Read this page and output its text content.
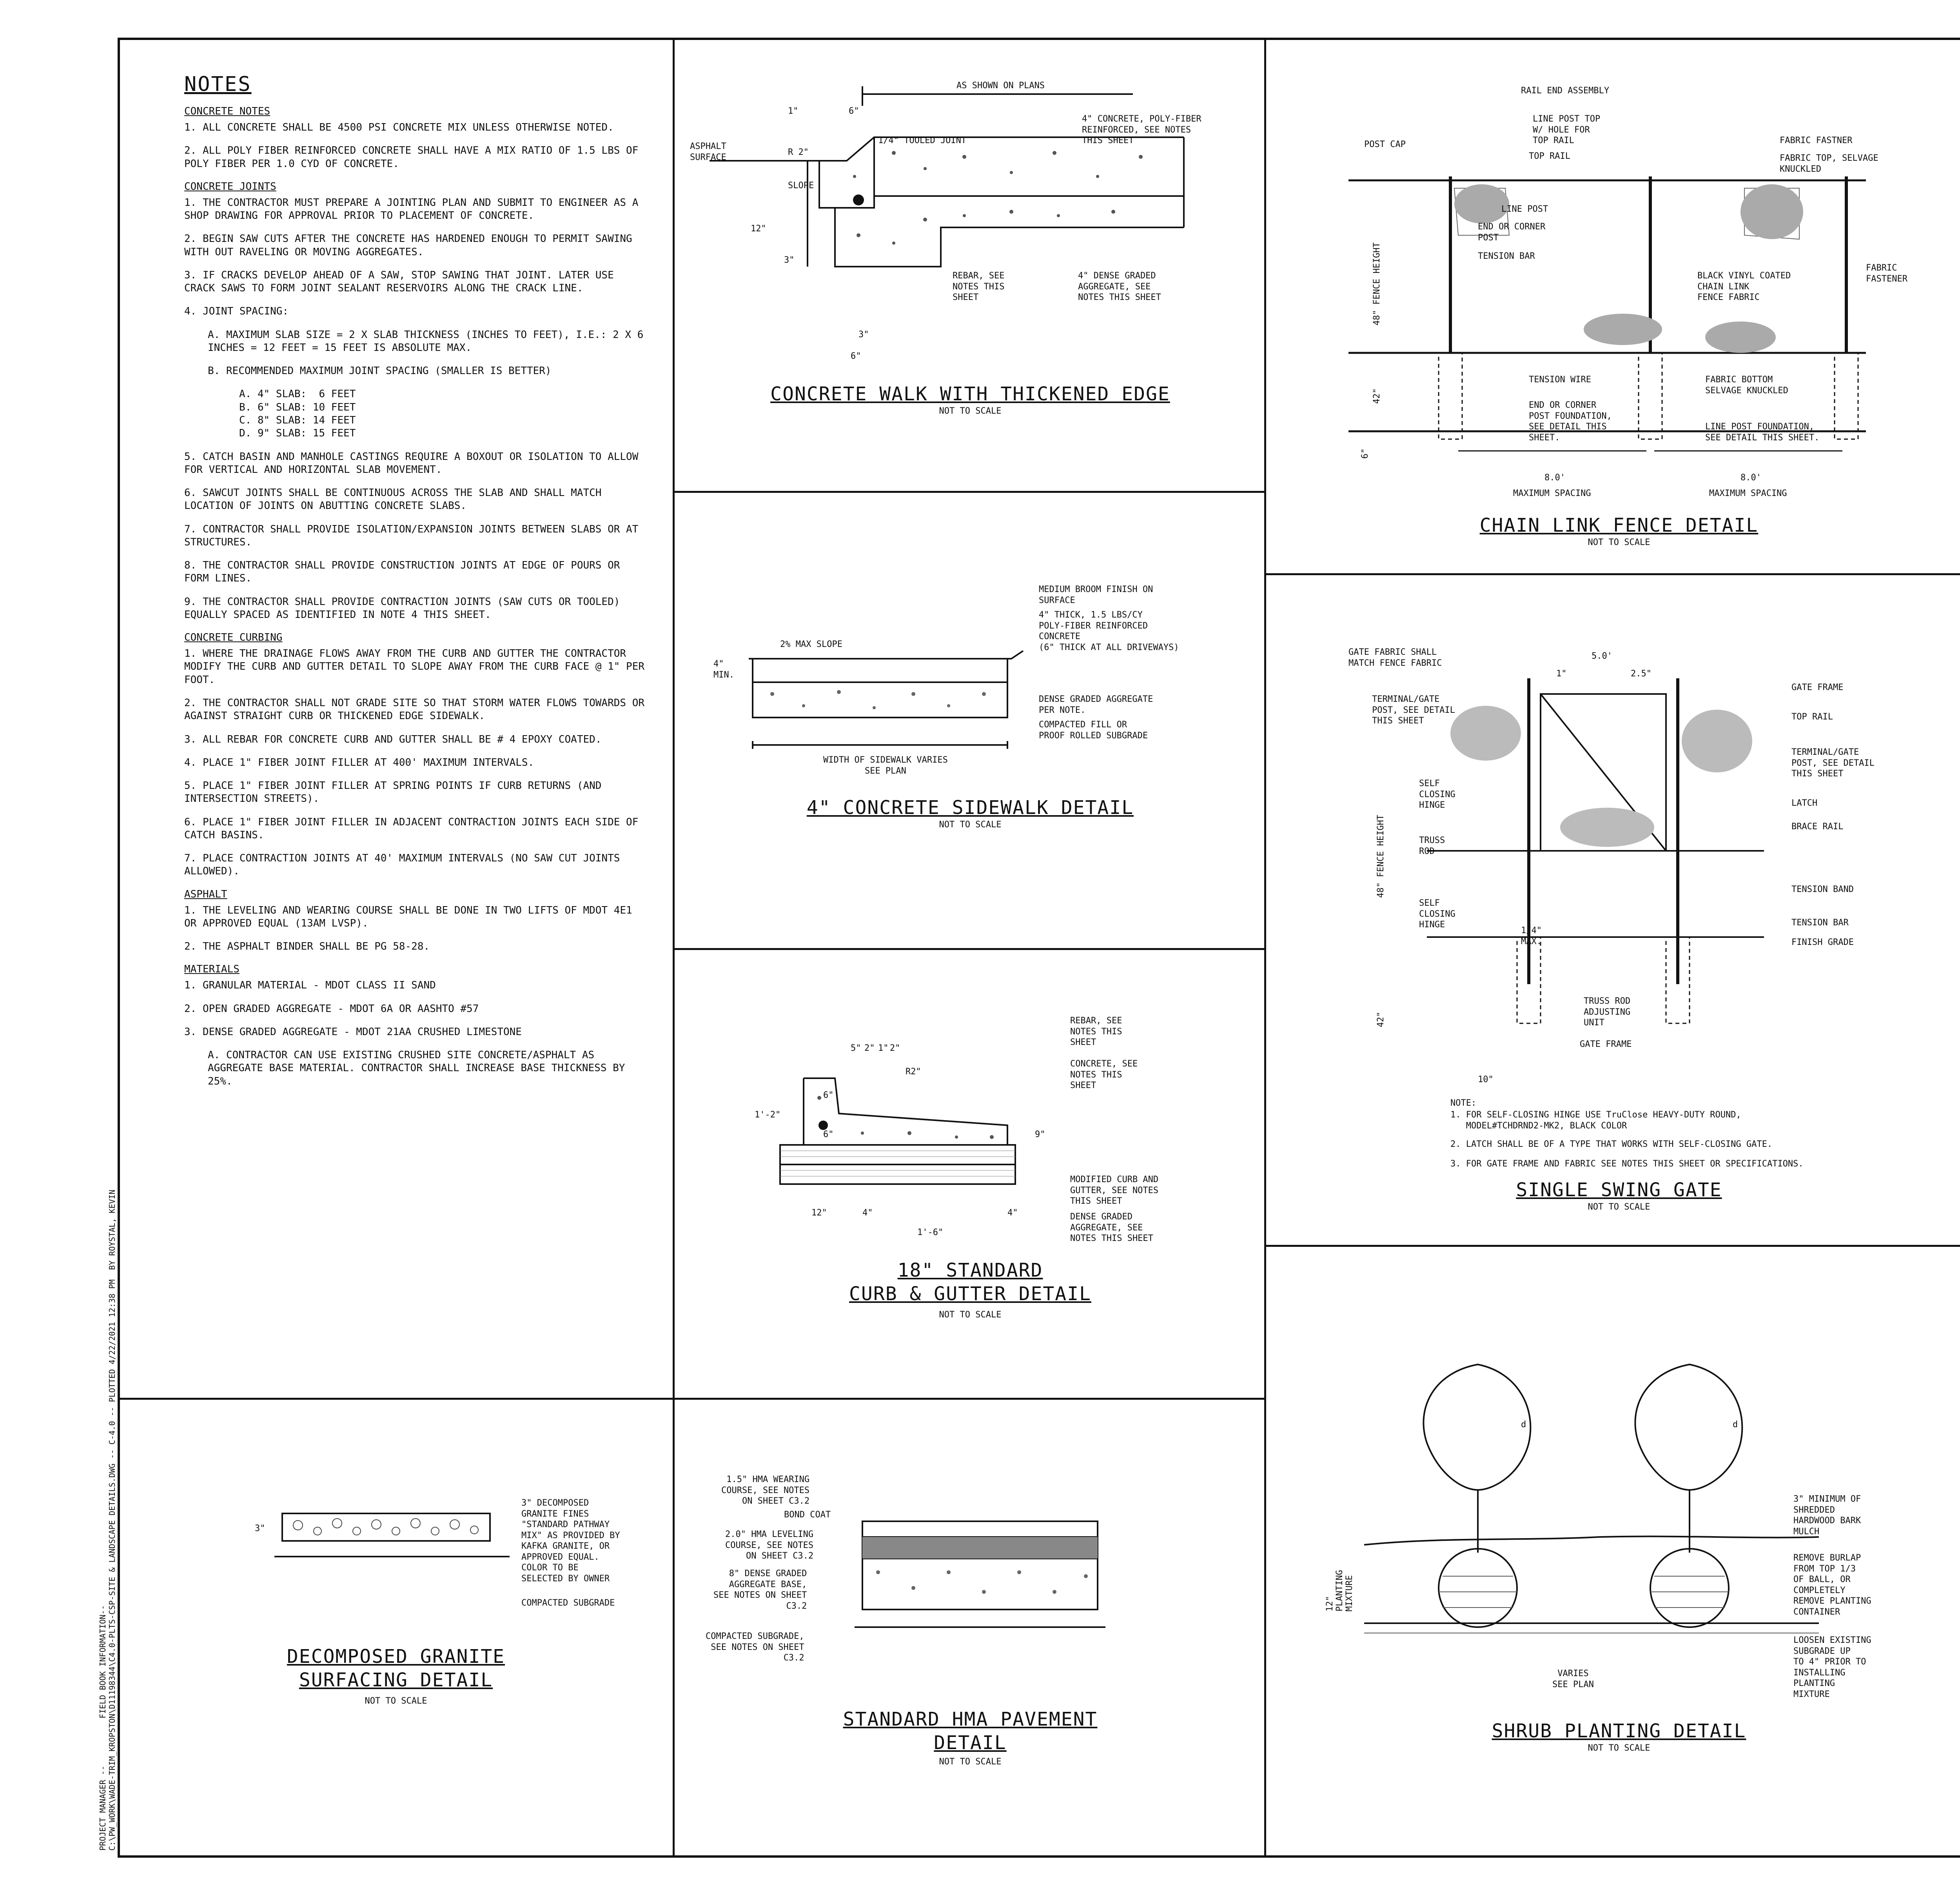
PROJECT MANAGER --          FIELD BOOK INFORMATION--
C:\PW_WORK\WADE-TRIM_KROPSTON\D11198344\C4.0-PLTS-CSP-SITE & LANDSCAPE DETAILS.DWG -- C-4.0 -- PLOTTED 4/22/2021 12:38 PM  BY ROYSTAL, KEVIN
NOTES
CONCRETE NOTES
1. ALL CONCRETE SHALL BE 4500 PSI CONCRETE MIX UNLESS OTHERWISE NOTED.
2. ALL POLY FIBER REINFORCED CONCRETE SHALL HAVE A MIX RATIO OF 1.5 LBS OF POLY FIBER PER 1.0 CYD OF CONCRETE.
CONCRETE JOINTS
1. THE CONTRACTOR MUST PREPARE A JOINTING PLAN AND SUBMIT TO ENGINEER AS A SHOP DRAWING FOR APPROVAL PRIOR TO PLACEMENT OF CONCRETE.
2. BEGIN SAW CUTS AFTER THE CONCRETE HAS HARDENED ENOUGH TO PERMIT SAWING WITH OUT RAVELING OR MOVING AGGREGATES.
3. IF CRACKS DEVELOP AHEAD OF A SAW, STOP SAWING THAT JOINT. LATER USE CRACK SAWS TO FORM JOINT SEALANT RESERVOIRS ALONG THE CRACK LINE.
4. JOINT SPACING:
A. MAXIMUM SLAB SIZE = 2 X SLAB THICKNESS (INCHES TO FEET), I.E.: 2 X 6 INCHES = 12 FEET = 15 FEET IS ABSOLUTE MAX.
B. RECOMMENDED MAXIMUM JOINT SPACING (SMALLER IS BETTER)
A. 4" SLAB:  6 FEET
B. 6" SLAB: 10 FEET
C. 8" SLAB: 14 FEET
D. 9" SLAB: 15 FEET
5. CATCH BASIN AND MANHOLE CASTINGS REQUIRE A BOXOUT OR ISOLATION TO ALLOW FOR VERTICAL AND HORIZONTAL SLAB MOVEMENT.
6. SAWCUT JOINTS SHALL BE CONTINUOUS ACROSS THE SLAB AND SHALL MATCH LOCATION OF JOINTS ON ABUTTING CONCRETE SLABS.
7. CONTRACTOR SHALL PROVIDE ISOLATION/EXPANSION JOINTS BETWEEN SLABS OR AT STRUCTURES.
8. THE CONTRACTOR SHALL PROVIDE CONSTRUCTION JOINTS AT EDGE OF POURS OR FORM LINES.
9. THE CONTRACTOR SHALL PROVIDE CONTRACTION JOINTS (SAW CUTS OR TOOLED) EQUALLY SPACED AS IDENTIFIED IN NOTE 4 THIS SHEET.
CONCRETE CURBING
1. WHERE THE DRAINAGE FLOWS AWAY FROM THE CURB AND GUTTER THE CONTRACTOR MODIFY THE CURB AND GUTTER DETAIL TO SLOPE AWAY FROM THE CURB FACE @ 1" PER FOOT.
2. THE CONTRACTOR SHALL NOT GRADE SITE SO THAT STORM WATER FLOWS TOWARDS OR AGAINST STRAIGHT CURB OR THICKENED EDGE SIDEWALK.
3. ALL REBAR FOR CONCRETE CURB AND GUTTER SHALL BE # 4 EPOXY COATED.
4. PLACE 1" FIBER JOINT FILLER AT 400' MAXIMUM INTERVALS.
5. PLACE 1" FIBER JOINT FILLER AT SPRING POINTS IF CURB RETURNS (AND INTERSECTION STREETS).
6. PLACE 1" FIBER JOINT FILLER IN ADJACENT CONTRACTION JOINTS EACH SIDE OF CATCH BASINS.
7. PLACE CONTRACTION JOINTS AT 40' MAXIMUM INTERVALS (NO SAW CUT JOINTS ALLOWED).
ASPHALT
1. THE LEVELING AND WEARING COURSE SHALL BE DONE IN TWO LIFTS OF MDOT 4E1 OR APPROVED EQUAL (13AM LVSP).
2. THE ASPHALT BINDER SHALL BE PG 58-28.
MATERIALS
1. GRANULAR MATERIAL - MDOT CLASS II SAND
2. OPEN GRADED AGGREGATE - MDOT 6A OR AASHTO #57
3. DENSE GRADED AGGREGATE - MDOT 21AA CRUSHED LIMESTONE
A. CONTRACTOR CAN USE EXISTING CRUSHED SITE CONCRETE/ASPHALT AS AGGREGATE BASE MATERIAL. CONTRACTOR SHALL INCREASE BASE THICKNESS BY 25%.
AS SHOWN ON PLANS
ASPHALT
SURFACE
1"	6"
R 2"
1/4" TOOLED JOINT
SLOPE
12"
3"
3"
6"
4" CONCRETE, POLY-FIBER
REINFORCED, SEE NOTES
THIS SHEET
REBAR, SEE
NOTES THIS
SHEET
4" DENSE GRADED
AGGREGATE, SEE
NOTES THIS SHEET
CONCRETE WALK WITH THICKENED EDGE
NOT TO SCALE
MEDIUM BROOM FINISH ON
SURFACE
4" THICK, 1.5 LBS/CY
POLY-FIBER REINFORCED
CONCRETE
(6" THICK AT ALL DRIVEWAYS)
2% MAX SLOPE
4"
MIN.
DENSE GRADED AGGREGATE
PER NOTE.
COMPACTED FILL OR
PROOF ROLLED SUBGRADE
WIDTH OF SIDEWALK VARIES
SEE PLAN
4" CONCRETE SIDEWALK DETAIL
NOT TO SCALE
5" 2" 1" 2"
R2"
REBAR, SEE
NOTES THIS
SHEET
CONCRETE, SEE
NOTES THIS
SHEET
1'-2"
6"
6"	9"
12"	4"
1'-6"
4"
MODIFIED CURB AND
GUTTER, SEE NOTES
THIS SHEET
DENSE GRADED
AGGREGATE, SEE
NOTES THIS SHEET
18" STANDARD
CURB & GUTTER DETAIL
NOT TO SCALE
3" DECOMPOSED
GRANITE FINES
"STANDARD PATHWAY
MIX" AS PROVIDED BY
KAFKA GRANITE, OR
APPROVED EQUAL.
COLOR TO BE
SELECTED BY OWNER
3"
COMPACTED SUBGRADE
DECOMPOSED GRANITE
SURFACING DETAIL
NOT TO SCALE
1.5" HMA WEARING
COURSE, SEE NOTES
ON SHEET C3.2
BOND COAT
2.0" HMA LEVELING
COURSE, SEE NOTES
ON SHEET C3.2
8" DENSE GRADED
AGGREGATE BASE,
SEE NOTES ON SHEET
C3.2
COMPACTED SUBGRADE,
SEE NOTES ON SHEET
C3.2
STANDARD HMA PAVEMENT
DETAIL
NOT TO SCALE
RAIL END ASSEMBLY
POST CAP
LINE POST TOP
W/ HOLE FOR
TOP RAIL
TOP RAIL
FABRIC FASTNER
FABRIC TOP, SELVAGE
KNUCKLED
LINE POST
END OR CORNER
POST
TENSION BAR
48" FENCE HEIGHT	BLACK VINYL COATED
CHAIN LINK
FENCE FABRIC
FABRIC
FASTENER
TENSION WIRE	FABRIC BOTTOM
SELVAGE KNUCKLED
42"
END OR CORNER
POST FOUNDATION,
SEE DETAIL THIS
SHEET.
LINE POST FOUNDATION,
SEE DETAIL THIS SHEET.
6"
8.0'
MAXIMUM SPACING
8.0'
MAXIMUM SPACING
CHAIN LINK FENCE DETAIL
NOT TO SCALE
GATE FABRIC SHALL
MATCH FENCE FABRIC
5.0'
1"	2.5"
TERMINAL/GATE
POST, SEE DETAIL
THIS SHEET
GATE FRAME
TOP RAIL
TERMINAL/GATE
POST, SEE DETAIL
THIS SHEET
SELF
CLOSING
HINGE
48" FENCE HEIGHT
LATCH
TRUSS
ROD
BRACE RAIL
SELF
CLOSING
HINGE
TENSION BAND
TENSION BAR
FINISH GRADE
42"
1/4"
MAX.
TRUSS ROD
ADJUSTING
UNIT
GATE FRAME
10"
NOTE:
1. FOR SELF-CLOSING HINGE USE TruClose HEAVY-DUTY ROUND,
MODEL#TCHDRND2-MK2, BLACK COLOR
2. LATCH SHALL BE OF A TYPE THAT WORKS WITH SELF-CLOSING GATE.
3. FOR GATE FRAME AND FABRIC SEE NOTES THIS SHEET OR SPECIFICATIONS.
SINGLE SWING GATE
NOT TO SCALE
3" MINIMUM OF
SHREDDED
HARDWOOD BARK
MULCH
REMOVE BURLAP
FROM TOP 1/3
OF BALL, OR
COMPLETELY
REMOVE PLANTING
CONTAINER
LOOSEN EXISTING
SUBGRADE UP
TO 4" PRIOR TO
INSTALLING
PLANTING
MIXTURE
12"
PLANTING
MIXTURE
VARIES
SEE PLAN
d	d
SHRUB PLANTING DETAIL
NOT TO SCALE
